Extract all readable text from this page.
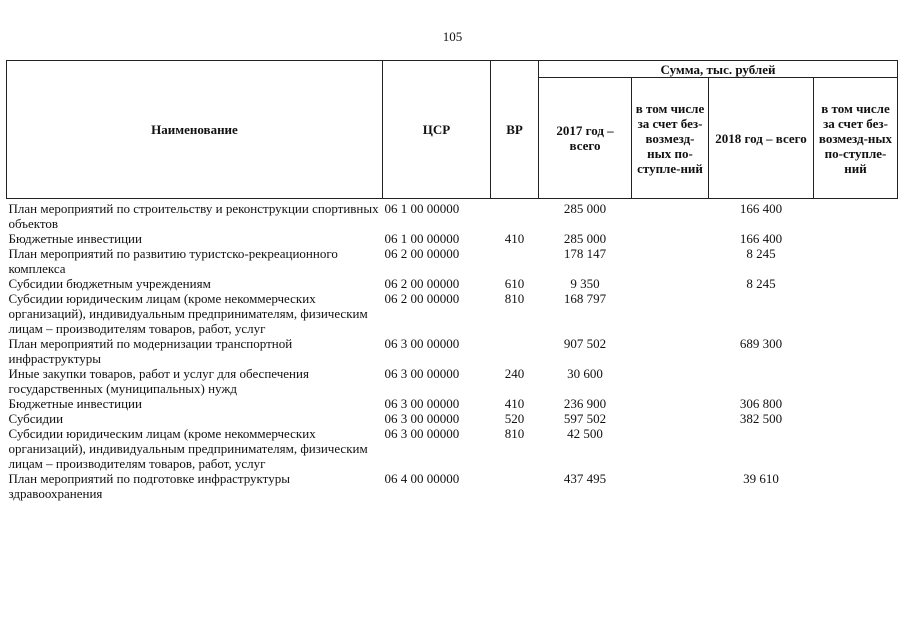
105
Наименование	ЦСР	ВР	Сумма, тыс. рублей			
			2017 год – всего	в том числе за счет без-возмезд-ных по-ступле-ний	2018 год – всего	в том числе за счет без-возмезд-ных по-ступле-ний
План мероприятий по строительству и реконструкции спортивных объектов	06 1 00 00000		285 000		166 400	
Бюджетные инвестиции	06 1 00 00000	410	285 000		166 400	
План мероприятий по развитию туристско-рекреационного комплекса	06 2 00 00000		178 147		8 245	
Субсидии бюджетным учреждениям	06 2 00 00000	610	9 350		8 245	
Субсидии юридическим лицам (кроме некоммерческих организаций), индивидуальным предпринимателям, физическим лицам – производителям товаров, работ, услуг	06 2 00 00000	810	168 797			
План мероприятий по модернизации транспортной инфраструктуры	06 3 00 00000		907 502		689 300	
Иные закупки товаров, работ и услуг для обеспечения государственных (муниципальных) нужд	06 3 00 00000	240	30 600			
Бюджетные инвестиции	06 3 00 00000	410	236 900		306 800	
Субсидии	06 3 00 00000	520	597 502		382 500	
Субсидии юридическим лицам (кроме некоммерческих организаций), индивидуальным предпринимателям, физическим лицам – производителям товаров, работ, услуг	06 3 00 00000	810	42 500			
План мероприятий по подготовке инфраструктуры здравоохранения	06 4 00 00000		437 495		39 610	
